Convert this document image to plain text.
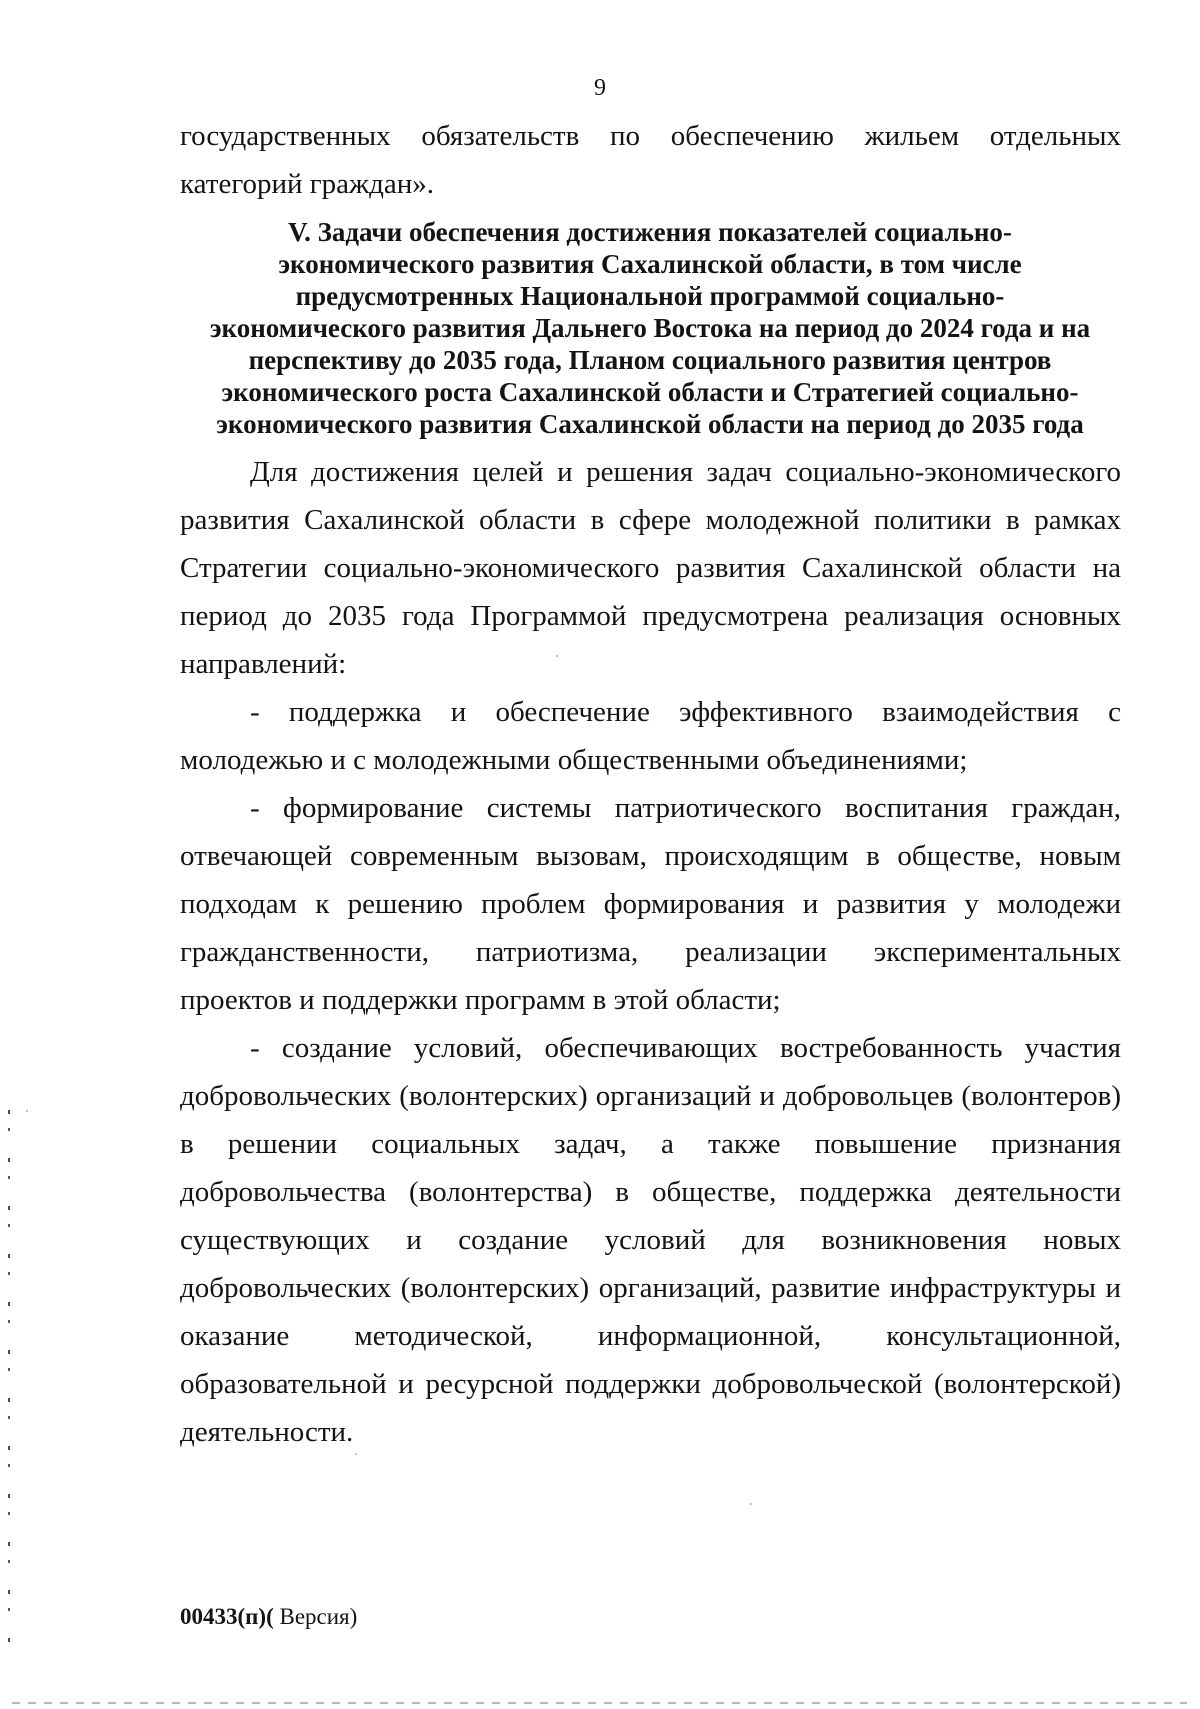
9

государственных обязательств по обеспечению жильем отдельных категорий граждан».

V. Задачи обеспечения достижения показателей социально-
экономического развития Сахалинской области, в том числе
предусмотренных Национальной программой социально-
экономического развития Дальнего Востока на период до 2024 года и на
перспективу до 2035 года, Планом социального развития центров
экономического роста Сахалинской области и Стратегией социально-
экономического развития Сахалинской области на период до 2035 года

Для достижения целей и решения задач социально-экономического развития Сахалинской области в сфере молодежной политики в рамках Стратегии социально-экономического развития Сахалинской области на период до 2035 года Программой предусмотрена реализация основных направлений:

- поддержка и обеспечение эффективного взаимодействия с молодежью и с молодежными общественными объединениями;

- формирование системы патриотического воспитания граждан, отвечающей современным вызовам, происходящим в обществе, новым подходам к решению проблем формирования и развития у молодежи гражданственности, патриотизма, реализации экспериментальных проектов и поддержки программ в этой области;

- создание условий, обеспечивающих востребованность участия добровольческих (волонтерских) организаций и добровольцев (волонтеров) в решении социальных задач, а также повышение признания добровольчества (волонтерства) в обществе, поддержка деятельности существующих и создание условий для возникновения новых добровольческих (волонтерских) организаций, развитие инфраструктуры и оказание методической, информационной, консультационной, образовательной и ресурсной поддержки добровольческой (волонтерской) деятельности.

00433(п)( Версия)
